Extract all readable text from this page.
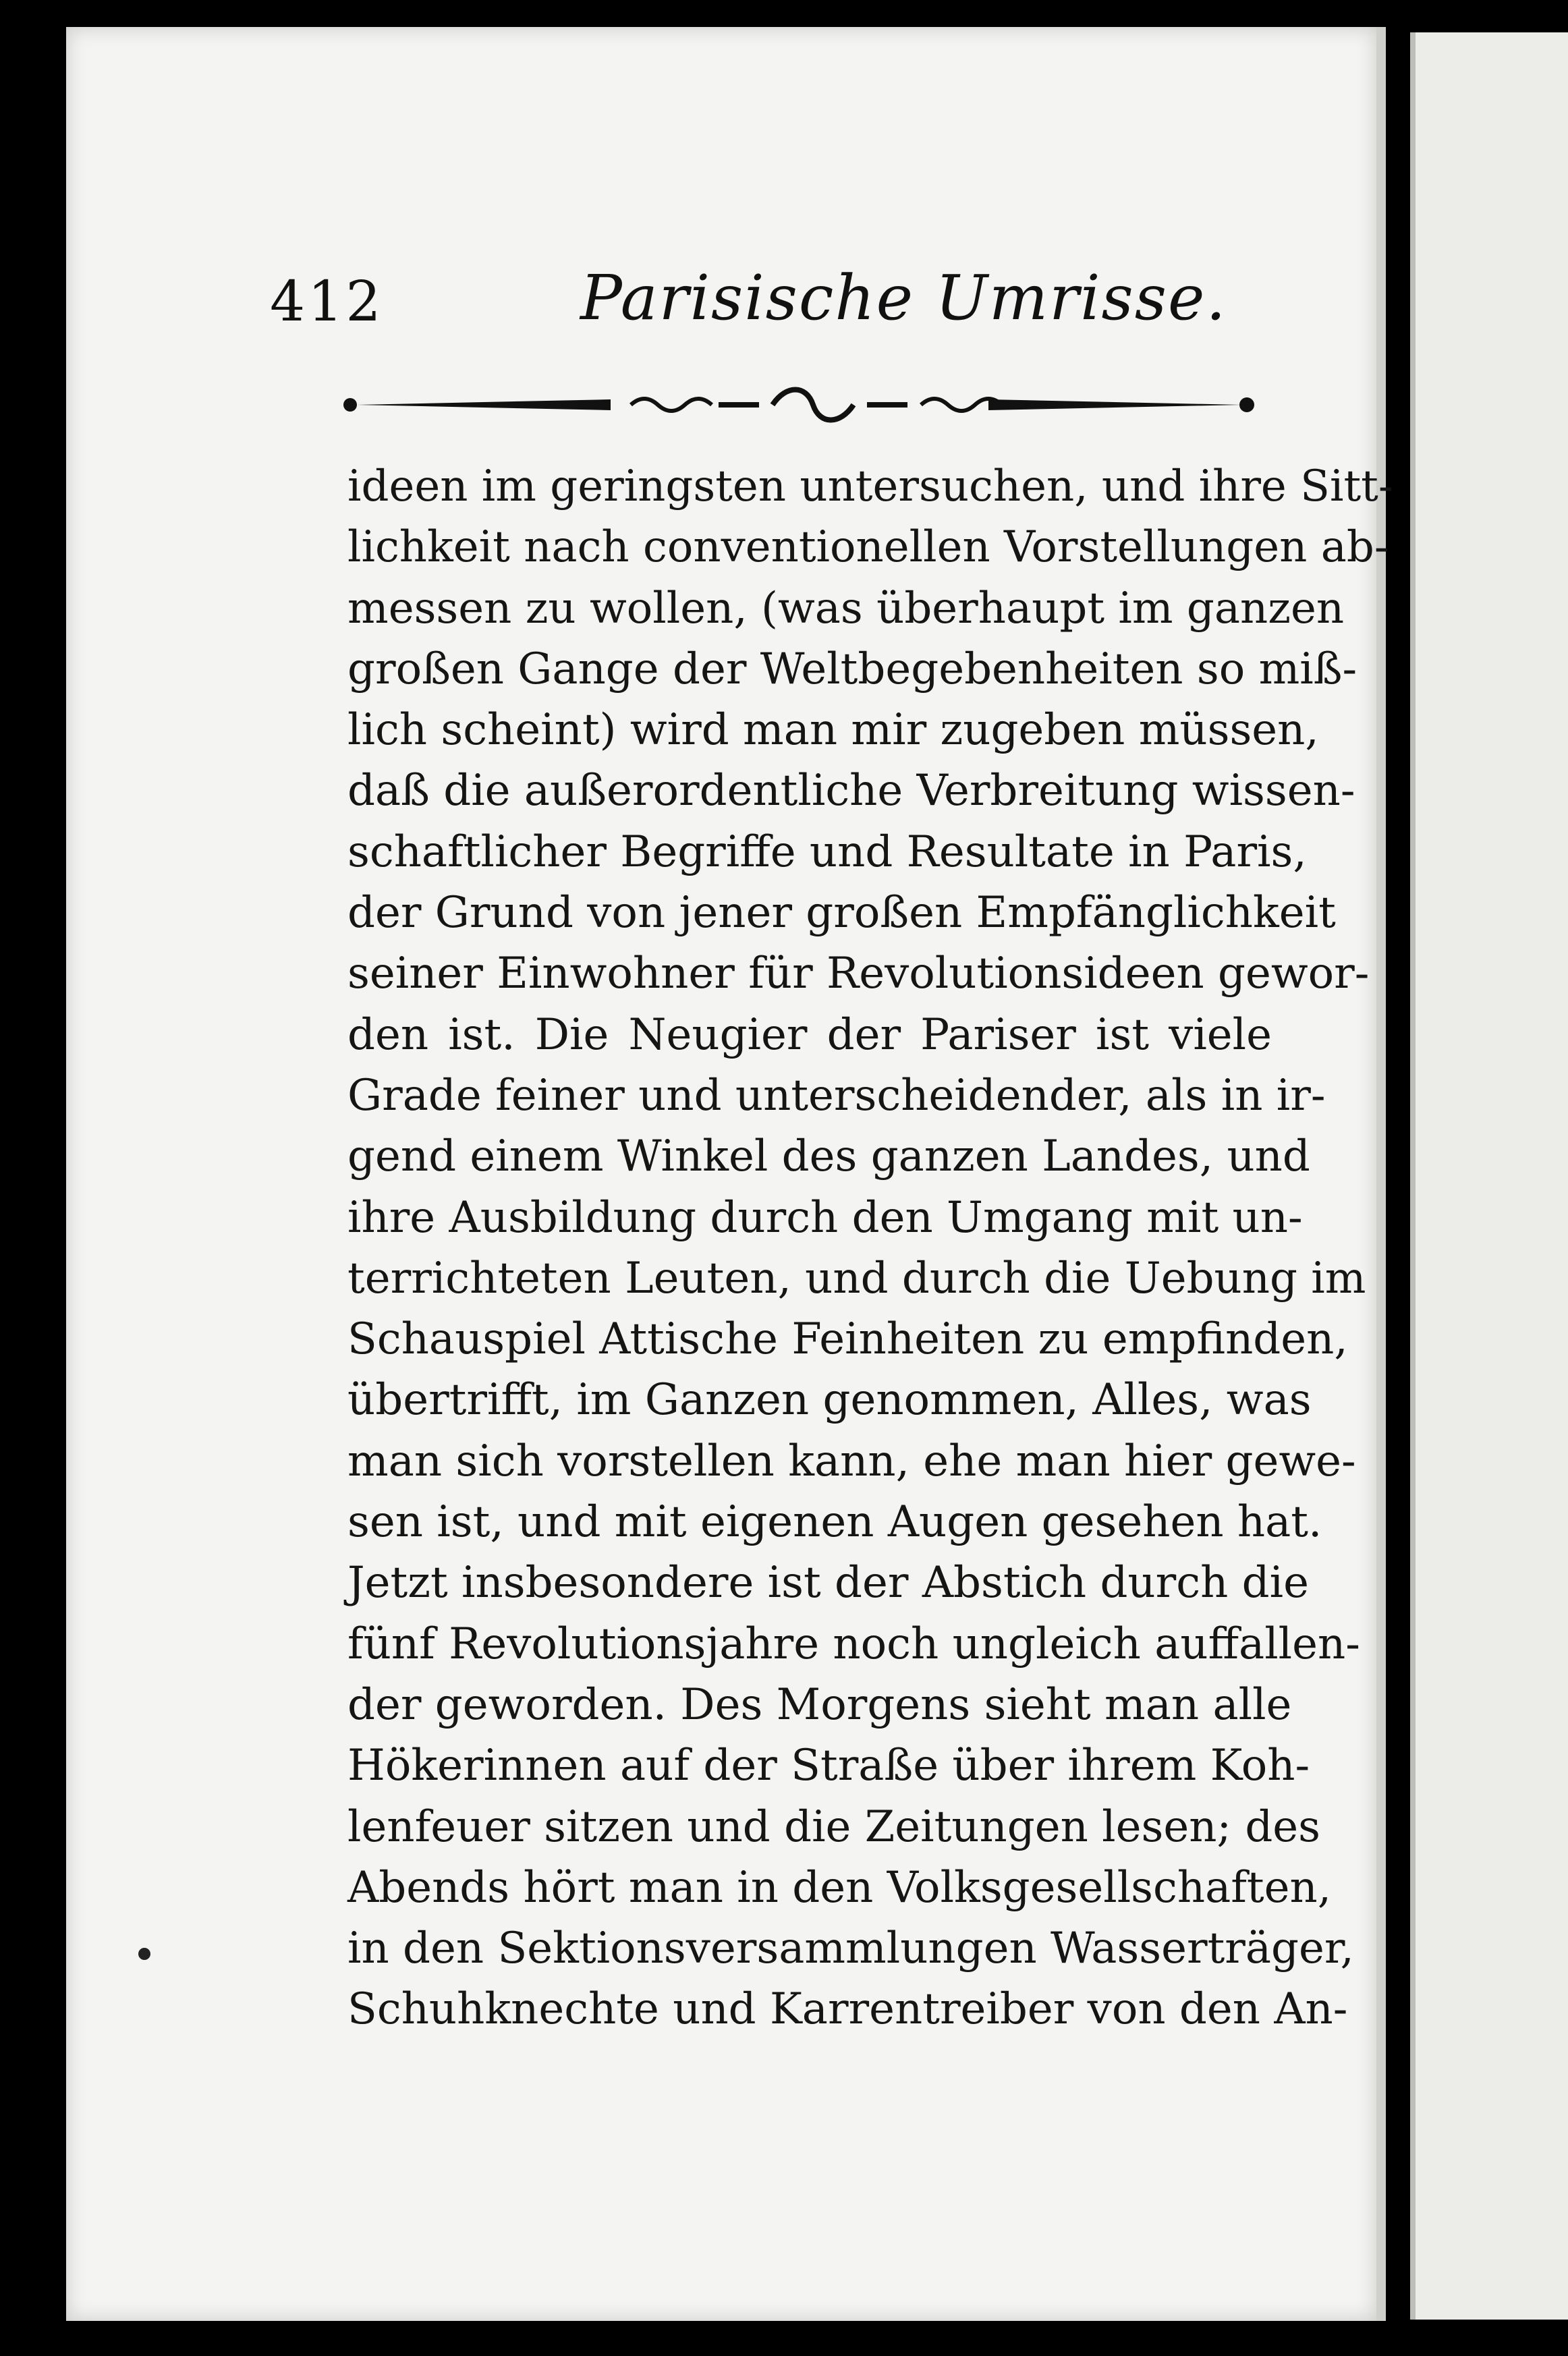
412	Parisische Umrisse.
ideen im geringsten untersuchen, und ihre Sitt-
lichkeit nach conventionellen Vorstellungen ab-
messen zu wollen, (was überhaupt im ganzen
großen Gange der Weltbegebenheiten so miß-
lich scheint) wird man mir zugeben müssen,
daß die außerordentliche Verbreitung wissen-
schaftlicher Begriffe und Resultate in Paris,
der Grund von jener großen Empfänglichkeit
seiner Einwohner für Revolutionsideen gewor-
den ist. Die Neugier der Pariser ist viele
Grade feiner und unterscheidender, als in ir-
gend einem Winkel des ganzen Landes, und
ihre Ausbildung durch den Umgang mit un-
terrichteten Leuten, und durch die Uebung im
Schauspiel Attische Feinheiten zu empfinden,
übertrifft, im Ganzen genommen, Alles, was
man sich vorstellen kann, ehe man hier gewe-
sen ist, und mit eigenen Augen gesehen hat.
Jetzt insbesondere ist der Abstich durch die
fünf Revolutionsjahre noch ungleich auffallen-
der geworden. Des Morgens sieht man alle
Hökerinnen auf der Straße über ihrem Koh-
lenfeuer sitzen und die Zeitungen lesen; des
Abends hört man in den Volksgesellschaften,
in den Sektionsversammlungen Wasserträger,
Schuhknechte und Karrentreiber von den An-
